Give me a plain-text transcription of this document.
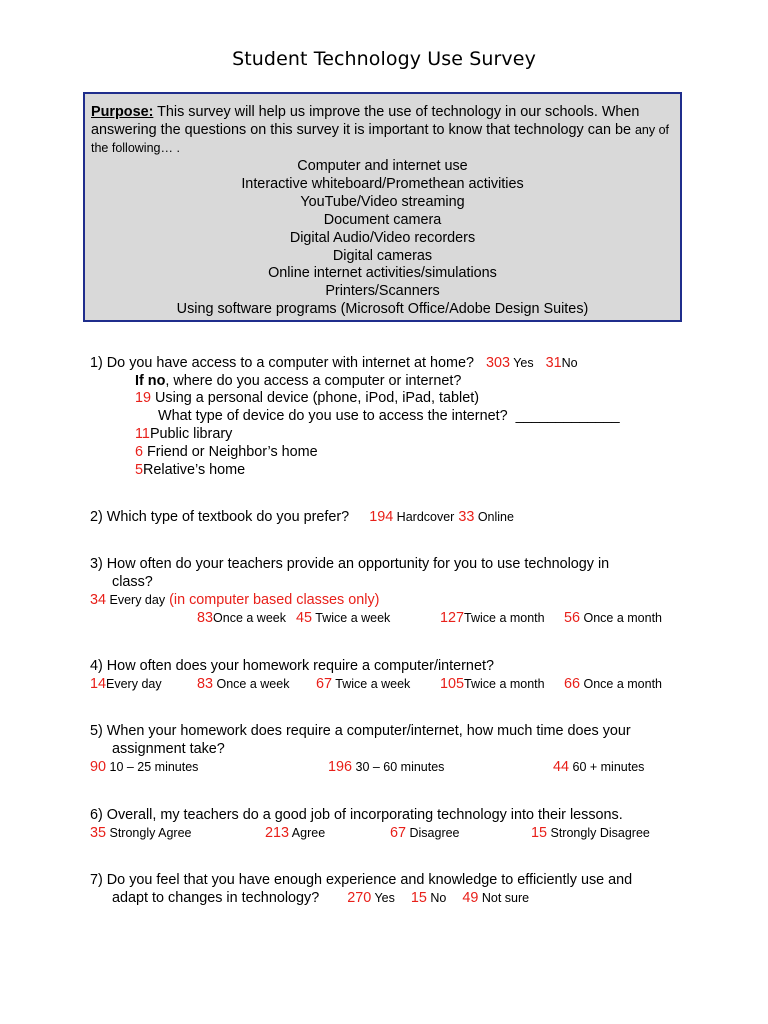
Student Technology Use Survey
Purpose: This survey will help us improve the use of technology in our schools. When answering the questions on this survey it is important to know that technology can be any of the following… .
Computer and internet use
Interactive whiteboard/Promethean activities
YouTube/Video streaming
Document camera
Digital Audio/Video recorders
Digital cameras
Online internet activities/simulations
Printers/Scanners
Using software programs (Microsoft Office/Adobe Design Suites)
1) Do you have access to a computer with internet at home? 303 Yes 31No
If no, where do you access a computer or internet?
19 Using a personal device (phone, iPod, iPad, tablet)
What type of device do you use to access the internet? _____________
11Public library
6 Friend or Neighbor’s home
5Relative’s home
2) Which type of textbook do you prefer? 194 Hardcover 33 Online
3) How often do your teachers provide an opportunity for you to use technology in
class?
34 Every day (in computer based classes only)
83Once a week 45 Twice a week	127Twice a month 56 Once a month
4) How often does your homework require a computer/internet?
14Every day 83 Once a week 67 Twice a week 105Twice a month 66 Once a month
5) When your homework does require a computer/internet, how much time does your
assignment take?
90 10 – 25 minutes	196 30 – 60 minutes	44 60 + minutes
6) Overall, my teachers do a good job of incorporating technology into their lessons.
35 Strongly Agree	213 Agree	67 Disagree	15 Strongly Disagree
7) Do you feel that you have enough experience and knowledge to efficiently use and
adapt to changes in technology? 270 Yes 15 No 49 Not sure
